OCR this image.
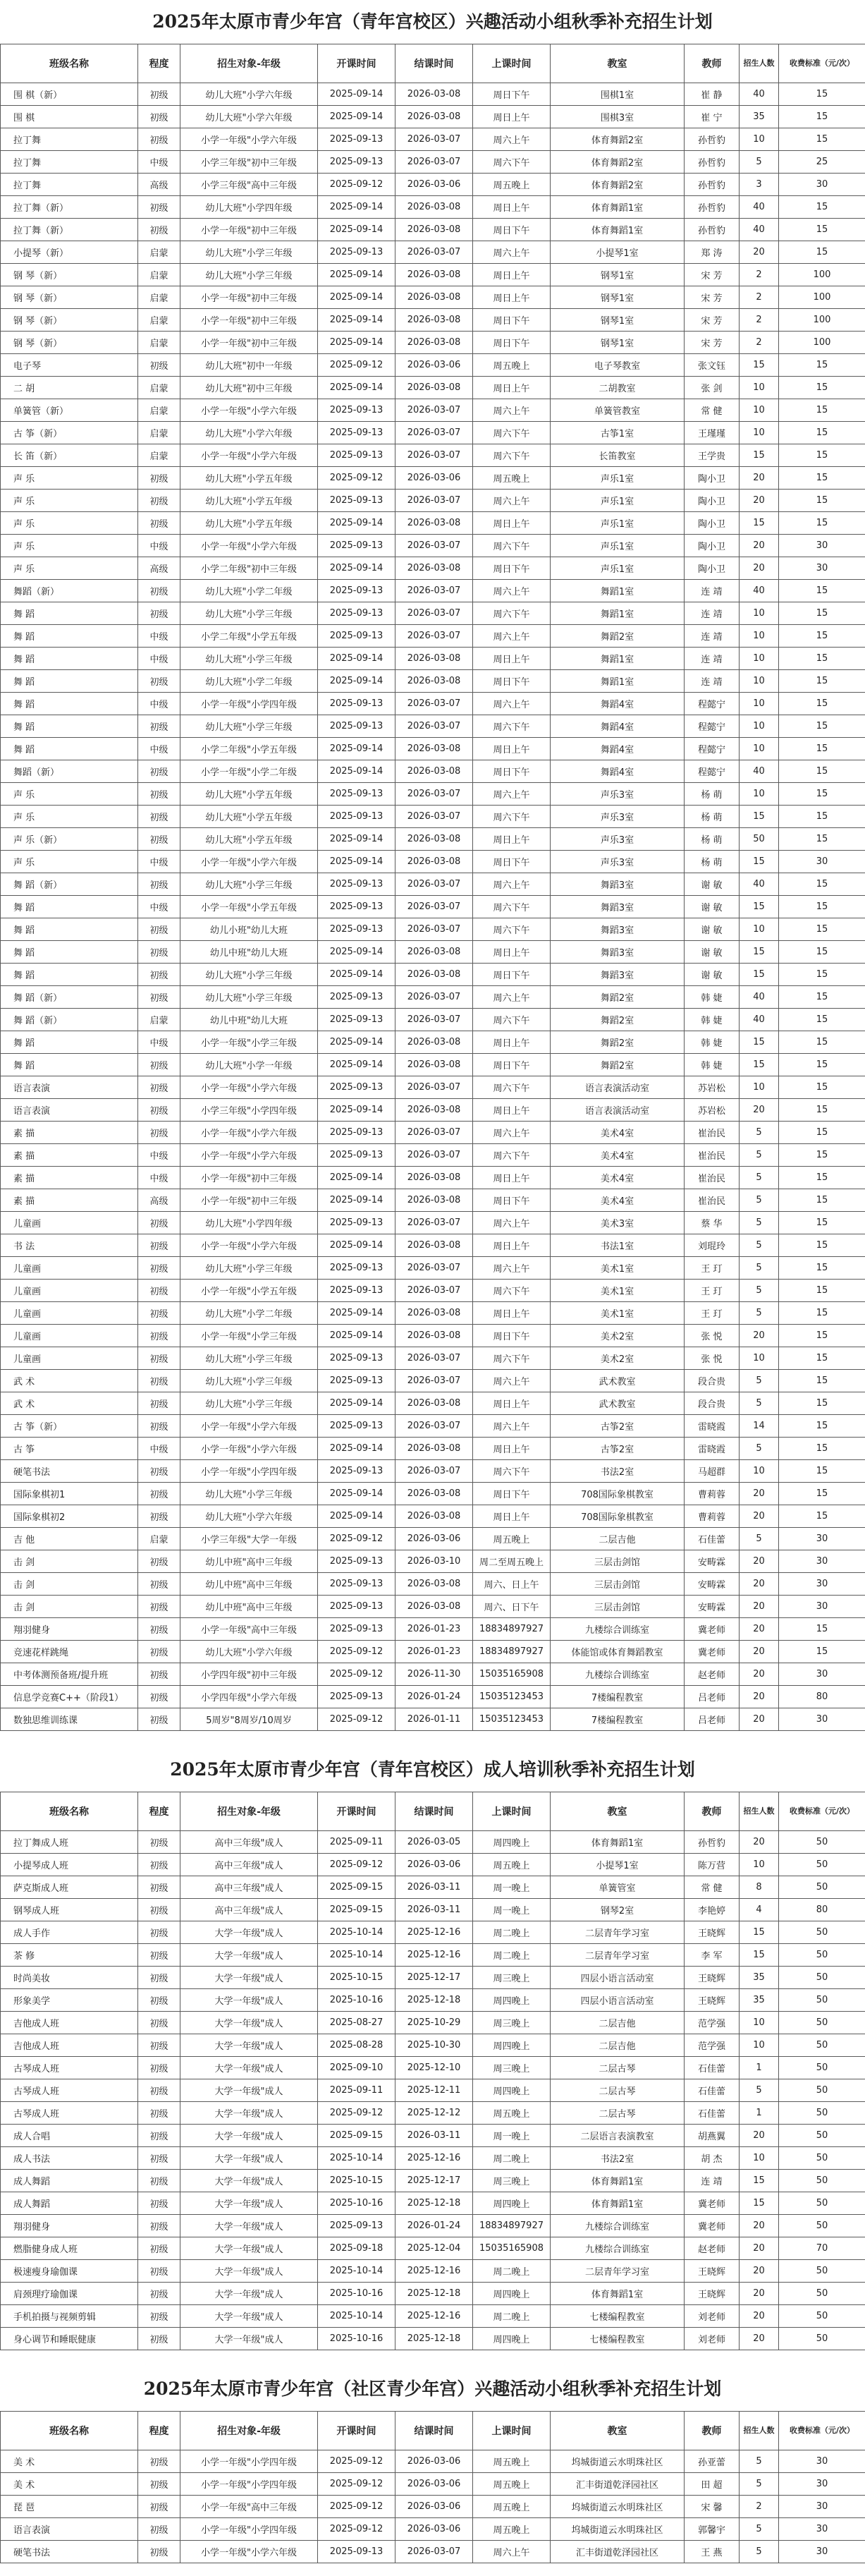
2025年太原市青少年宫（青年宫校区）兴趣活动小组秋季补充招生计划
班级名称	程度	招生对象-年级	开课时间	结课时间	上课时间	教室	教师	招生人数	收费标准（元/次）
围 棋（新）	初级	幼儿大班"小学六年级	2025-09-14	2026-03-08	周日下午	围棋1室	崔 静	40	15
围 棋	初级	幼儿大班"小学六年级	2025-09-14	2026-03-08	周日上午	围棋3室	崔 宁	35	15
拉丁舞	初级	小学一年级"小学六年级	2025-09-13	2026-03-07	周六上午	体育舞蹈2室	孙哲豹	10	15
拉丁舞	中级	小学三年级"初中三年级	2025-09-13	2026-03-07	周六下午	体育舞蹈2室	孙哲豹	5	25
拉丁舞	高级	小学三年级"高中三年级	2025-09-12	2026-03-06	周五晚上	体育舞蹈2室	孙哲豹	3	30
拉丁舞（新）	初级	幼儿大班"小学四年级	2025-09-14	2026-03-08	周日上午	体育舞蹈1室	孙哲豹	40	15
拉丁舞（新）	初级	小学一年级"初中三年级	2025-09-14	2026-03-08	周日下午	体育舞蹈1室	孙哲豹	40	15
小提琴（新）	启蒙	幼儿大班"小学三年级	2025-09-13	2026-03-07	周六上午	小提琴1室	郑 涛	20	15
钢 琴（新）	启蒙	幼儿大班"小学三年级	2025-09-14	2026-03-08	周日上午	钢琴1室	宋 芳	2	100
钢 琴（新）	启蒙	小学一年级"初中三年级	2025-09-14	2026-03-08	周日上午	钢琴1室	宋 芳	2	100
钢 琴（新）	启蒙	小学一年级"初中三年级	2025-09-14	2026-03-08	周日下午	钢琴1室	宋 芳	2	100
钢 琴（新）	启蒙	小学一年级"初中三年级	2025-09-14	2026-03-08	周日下午	钢琴1室	宋 芳	2	100
电子琴	初级	幼儿大班"初中一年级	2025-09-12	2026-03-06	周五晚上	电子琴教室	张文钰	15	15
二 胡	启蒙	幼儿大班"初中三年级	2025-09-14	2026-03-08	周日上午	二胡教室	张 剑	10	15
单簧管（新）	启蒙	小学一年级"小学六年级	2025-09-13	2026-03-07	周六上午	单簧管教室	常 健	10	15
古 筝（新）	启蒙	幼儿大班"小学六年级	2025-09-13	2026-03-07	周六下午	古筝1室	王瑾瑾	10	15
长 笛（新）	启蒙	小学一年级"小学六年级	2025-09-13	2026-03-07	周六下午	长笛教室	王学贵	15	15
声 乐	初级	幼儿大班"小学五年级	2025-09-12	2026-03-06	周五晚上	声乐1室	陶小卫	20	15
声 乐	初级	幼儿大班"小学五年级	2025-09-13	2026-03-07	周六上午	声乐1室	陶小卫	20	15
声 乐	初级	幼儿大班"小学五年级	2025-09-14	2026-03-08	周日上午	声乐1室	陶小卫	15	15
声 乐	中级	小学一年级"小学六年级	2025-09-13	2026-03-07	周六下午	声乐1室	陶小卫	20	30
声 乐	高级	小学二年级"初中三年级	2025-09-14	2026-03-08	周日下午	声乐1室	陶小卫	20	30
舞蹈（新）	初级	幼儿大班"小学二年级	2025-09-13	2026-03-07	周六上午	舞蹈1室	连 靖	40	15
舞 蹈	初级	幼儿大班"小学三年级	2025-09-13	2026-03-07	周六下午	舞蹈1室	连 靖	10	15
舞 蹈	中级	小学二年级"小学五年级	2025-09-13	2026-03-07	周六上午	舞蹈2室	连 靖	10	15
舞 蹈	中级	幼儿大班"小学三年级	2025-09-14	2026-03-08	周日上午	舞蹈1室	连 靖	10	15
舞 蹈	初级	幼儿大班"小学二年级	2025-09-14	2026-03-08	周日下午	舞蹈1室	连 靖	10	15
舞 蹈	中级	小学一年级"小学四年级	2025-09-13	2026-03-07	周六上午	舞蹈4室	程懿宁	10	15
舞 蹈	初级	幼儿大班"小学三年级	2025-09-13	2026-03-07	周六下午	舞蹈4室	程懿宁	10	15
舞 蹈	中级	小学二年级"小学五年级	2025-09-14	2026-03-08	周日上午	舞蹈4室	程懿宁	10	15
舞蹈（新）	初级	小学一年级"小学二年级	2025-09-14	2026-03-08	周日下午	舞蹈4室	程懿宁	40	15
声 乐	初级	幼儿大班"小学五年级	2025-09-13	2026-03-07	周六上午	声乐3室	杨 萌	10	15
声 乐	初级	幼儿大班"小学五年级	2025-09-13	2026-03-07	周六下午	声乐3室	杨 萌	15	15
声 乐（新）	初级	幼儿大班"小学五年级	2025-09-14	2026-03-08	周日上午	声乐3室	杨 萌	50	15
声 乐	中级	小学一年级"小学六年级	2025-09-14	2026-03-08	周日下午	声乐3室	杨 萌	15	30
舞 蹈（新）	初级	幼儿大班"小学三年级	2025-09-13	2026-03-07	周六上午	舞蹈3室	谢 敏	40	15
舞 蹈	中级	小学一年级"小学五年级	2025-09-13	2026-03-07	周六下午	舞蹈3室	谢 敏	15	15
舞 蹈	初级	幼儿小班"幼儿大班	2025-09-13	2026-03-07	周六下午	舞蹈3室	谢 敏	10	15
舞 蹈	初级	幼儿中班"幼儿大班	2025-09-14	2026-03-08	周日上午	舞蹈3室	谢 敏	15	15
舞 蹈	初级	幼儿大班"小学三年级	2025-09-14	2026-03-08	周日下午	舞蹈3室	谢 敏	15	15
舞 蹈（新）	初级	幼儿大班"小学三年级	2025-09-13	2026-03-07	周六上午	舞蹈2室	韩 婕	40	15
舞 蹈（新）	启蒙	幼儿中班"幼儿大班	2025-09-13	2026-03-07	周六下午	舞蹈2室	韩 婕	40	15
舞 蹈	中级	小学一年级"小学三年级	2025-09-14	2026-03-08	周日上午	舞蹈2室	韩 婕	15	15
舞 蹈	初级	幼儿大班"小学一年级	2025-09-14	2026-03-08	周日下午	舞蹈2室	韩 婕	15	15
语言表演	初级	小学一年级"小学六年级	2025-09-13	2026-03-07	周六下午	语言表演活动室	苏岩松	10	15
语言表演	初级	小学三年级"小学四年级	2025-09-14	2026-03-08	周日上午	语言表演活动室	苏岩松	20	15
素 描	初级	小学一年级"小学六年级	2025-09-13	2026-03-07	周六上午	美术4室	崔治民	5	15
素 描	中级	小学一年级"小学六年级	2025-09-13	2026-03-07	周六下午	美术4室	崔治民	5	15
素 描	中级	小学一年级"初中三年级	2025-09-14	2026-03-08	周日上午	美术4室	崔治民	5	15
素 描	高级	小学一年级"初中三年级	2025-09-14	2026-03-08	周日下午	美术4室	崔治民	5	15
儿童画	初级	幼儿大班"小学四年级	2025-09-13	2026-03-07	周六上午	美术3室	蔡 华	5	15
书 法	初级	小学一年级"小学六年级	2025-09-14	2026-03-08	周日上午	书法1室	刘琨玲	5	15
儿童画	初级	幼儿大班"小学三年级	2025-09-13	2026-03-07	周六上午	美术1室	王 玎	5	15
儿童画	初级	小学一年级"小学五年级	2025-09-13	2026-03-07	周六下午	美术1室	王 玎	5	15
儿童画	初级	幼儿大班"小学二年级	2025-09-14	2026-03-08	周日上午	美术1室	王 玎	5	15
儿童画	初级	小学一年级"小学三年级	2025-09-14	2026-03-08	周日下午	美术2室	张 悦	20	15
儿童画	初级	幼儿大班"小学三年级	2025-09-13	2026-03-07	周六下午	美术2室	张 悦	10	15
武 术	初级	幼儿大班"小学三年级	2025-09-13	2026-03-07	周六上午	武术教室	段合贵	5	15
武 术	初级	幼儿大班"小学三年级	2025-09-14	2026-03-08	周日上午	武术教室	段合贵	5	15
古 筝（新）	初级	小学一年级"小学六年级	2025-09-13	2026-03-07	周六上午	古筝2室	雷晓霞	14	15
古 筝	中级	小学一年级"小学六年级	2025-09-14	2026-03-08	周日上午	古筝2室	雷晓霞	5	15
硬笔书法	初级	小学一年级"小学四年级	2025-09-13	2026-03-07	周六下午	书法2室	马超群	10	15
国际象棋初1	初级	幼儿大班"小学三年级	2025-09-14	2026-03-08	周日下午	708国际象棋教室	曹莉蓉	20	15
国际象棋初2	初级	幼儿大班"小学六年级	2025-09-14	2026-03-08	周日上午	708国际象棋教室	曹莉蓉	20	15
吉 他	启蒙	小学三年级"大学一年级	2025-09-12	2026-03-06	周五晚上	二层吉他	石佳蕾	5	30
击 剑	初级	幼儿中班"高中三年级	2025-09-13	2026-03-10	周二至周五晚上	三层击剑馆	安畴霖	20	30
击 剑	初级	幼儿中班"高中三年级	2025-09-13	2026-03-08	周六、日上午	三层击剑馆	安畴霖	20	30
击 剑	初级	幼儿中班"高中三年级	2025-09-13	2026-03-08	周六、日下午	三层击剑馆	安畴霖	20	30
翔羽健身	初级	小学一年级"高中三年级	2025-09-13	2026-01-23	18834897927	九楼综合训练室	冀老师	20	15
竞速花样跳绳	初级	幼儿大班"小学六年级	2025-09-12	2026-01-23	18834897927	体能馆或体育舞蹈教室	冀老师	20	15
中考体测预备班/提升班	初级	小学四年级"初中三年级	2025-09-12	2026-11-30	15035165908	九楼综合训练室	赵老师	20	30
信息学竞赛C++（阶段1）	初级	小学四年级"小学六年级	2025-09-13	2026-01-24	15035123453	7楼编程教室	吕老师	20	80
数独思维训练课	初级	5周岁"8周岁/10周岁	2025-09-12	2026-01-11	15035123453	7楼编程教室	吕老师	20	30
2025年太原市青少年宫（青年宫校区）成人培训秋季补充招生计划
班级名称	程度	招生对象-年级	开课时间	结课时间	上课时间	教室	教师	招生人数	收费标准（元/次）
拉丁舞成人班	初级	高中三年级"成人	2025-09-11	2026-03-05	周四晚上	体育舞蹈1室	孙哲豹	20	50
小提琴成人班	初级	高中三年级"成人	2025-09-12	2026-03-06	周五晚上	小提琴1室	陈万营	10	50
萨克斯成人班	初级	高中三年级"成人	2025-09-15	2026-03-11	周一晚上	单簧管室	常 健	8	50
钢琴成人班	初级	高中三年级"成人	2025-09-15	2026-03-11	周一晚上	钢琴2室	李艳婷	4	80
成人手作	初级	大学一年级"成人	2025-10-14	2025-12-16	周二晚上	二层青年学习室	王晓辉	15	50
茶 修	初级	大学一年级"成人	2025-10-14	2025-12-16	周二晚上	二层青年学习室	李 军	15	50
时尚美妆	初级	大学一年级"成人	2025-10-15	2025-12-17	周三晚上	四层小语言活动室	王晓辉	35	50
形象美学	初级	大学一年级"成人	2025-10-16	2025-12-18	周四晚上	四层小语言活动室	王晓辉	35	50
吉他成人班	初级	大学一年级"成人	2025-08-27	2025-10-29	周三晚上	二层吉他	范学强	10	50
吉他成人班	初级	大学一年级"成人	2025-08-28	2025-10-30	周四晚上	二层吉他	范学强	10	50
古琴成人班	初级	大学一年级"成人	2025-09-10	2025-12-10	周三晚上	二层古琴	石佳蕾	1	50
古琴成人班	初级	大学一年级"成人	2025-09-11	2025-12-11	周四晚上	二层古琴	石佳蕾	5	50
古琴成人班	初级	大学一年级"成人	2025-09-12	2025-12-12	周五晚上	二层古琴	石佳蕾	1	50
成人合唱	初级	大学一年级"成人	2025-09-15	2026-03-11	周一晚上	二层语言表演教室	胡燕翼	20	50
成人书法	初级	大学一年级"成人	2025-10-14	2025-12-16	周二晚上	书法2室	胡 杰	10	50
成人舞蹈	初级	大学一年级"成人	2025-10-15	2025-12-17	周三晚上	体育舞蹈1室	连 靖	15	50
成人舞蹈	初级	大学一年级"成人	2025-10-16	2025-12-18	周四晚上	体育舞蹈1室	冀老师	15	50
翔羽健身	初级	大学一年级"成人	2025-09-13	2026-01-24	18834897927	九楼综合训练室	冀老师	20	50
燃脂健身成人班	初级	大学一年级"成人	2025-09-18	2025-12-04	15035165908	九楼综合训练室	赵老师	20	70
极速瘦身瑜伽课	初级	大学一年级"成人	2025-10-14	2025-12-16	周二晚上	二层青年学习室	王晓辉	20	50
肩颈理疗瑜伽课	初级	大学一年级"成人	2025-10-16	2025-12-18	周四晚上	体育舞蹈1室	王晓辉	20	50
手机拍摄与视频剪辑	初级	大学一年级"成人	2025-10-14	2025-12-16	周二晚上	七楼编程教室	刘老师	20	50
身心调节和睡眠健康	初级	大学一年级"成人	2025-10-16	2025-12-18	周四晚上	七楼编程教室	刘老师	20	50
2025年太原市青少年宫（社区青少年宫）兴趣活动小组秋季补充招生计划
班级名称	程度	招生对象-年级	开课时间	结课时间	上课时间	教室	教师	招生人数	收费标准（元/次）
美 术	初级	小学一年级"小学四年级	2025-09-12	2026-03-06	周五晚上	坞城街道云水明珠社区	孙亚蕾	5	30
美 术	初级	小学一年级"小学四年级	2025-09-12	2026-03-06	周五晚上	汇丰街道乾泽园社区	田 超	5	30
琵 琶	初级	小学一年级"高中三年级	2025-09-12	2026-03-06	周五晚上	坞城街道云水明珠社区	宋 馨	2	30
语言表演	初级	小学一年级"小学四年级	2025-09-12	2026-03-06	周五晚上	坞城街道云水明珠社区	郭馨宇	5	30
硬笔书法	初级	小学一年级"小学六年级	2025-09-13	2026-03-07	周六上午	汇丰街道乾泽园社区	王 燕	5	30
